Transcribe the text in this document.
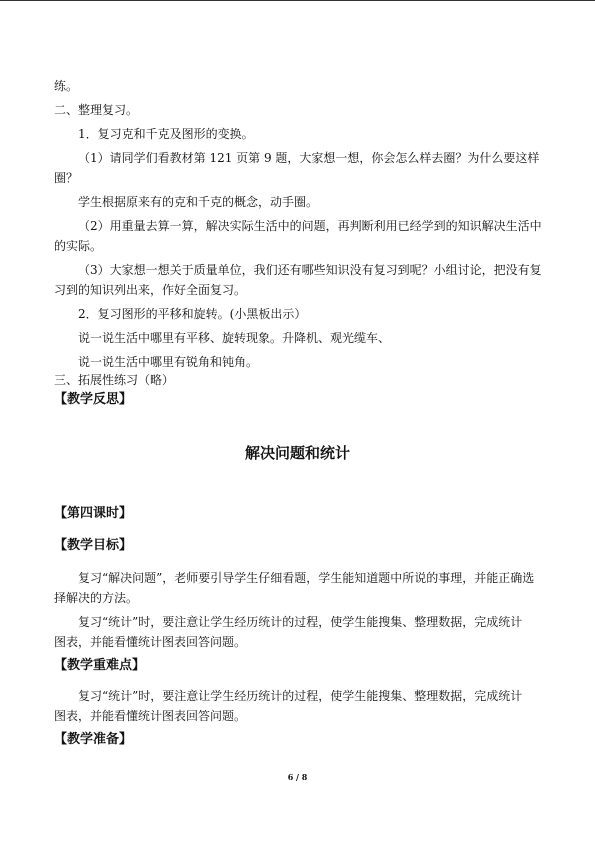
练。
二、整理复习。
1．复习克和千克及图形的变换。
（1）请同学们看教材第 121 页第 9 题，大家想一想，你会怎么样去圈？为什么要这样
圈？
学生根据原来有的克和千克的概念，动手圈。
（2）用重量去算一算，解决实际生活中的问题，再判断利用已经学到的知识解决生活中
的实际。
（3）大家想一想关于质量单位，我们还有哪些知识没有复习到呢？小组讨论，把没有复
习到的知识列出来，作好全面复习。
2．复习图形的平移和旋转。(小黑板出示）
说一说生活中哪里有平移、旋转现象。升降机、观光缆车、
说一说生活中哪里有锐角和钝角。
三、拓展性练习（略）
【教学反思】
解决问题和统计
【第四课时】
【教学目标】
复习“解决问题”，老师要引导学生仔细看题，学生能知道题中所说的事理，并能正确选
择解决的方法。
复习“统计”时，要注意让学生经历统计的过程，使学生能搜集、整理数据，完成统计
图表，并能看懂统计图表回答问题。
【教学重难点】
复习“统计”时，要注意让学生经历统计的过程，使学生能搜集、整理数据，完成统计
图表，并能看懂统计图表回答问题。
【教学准备】
6 / 8
